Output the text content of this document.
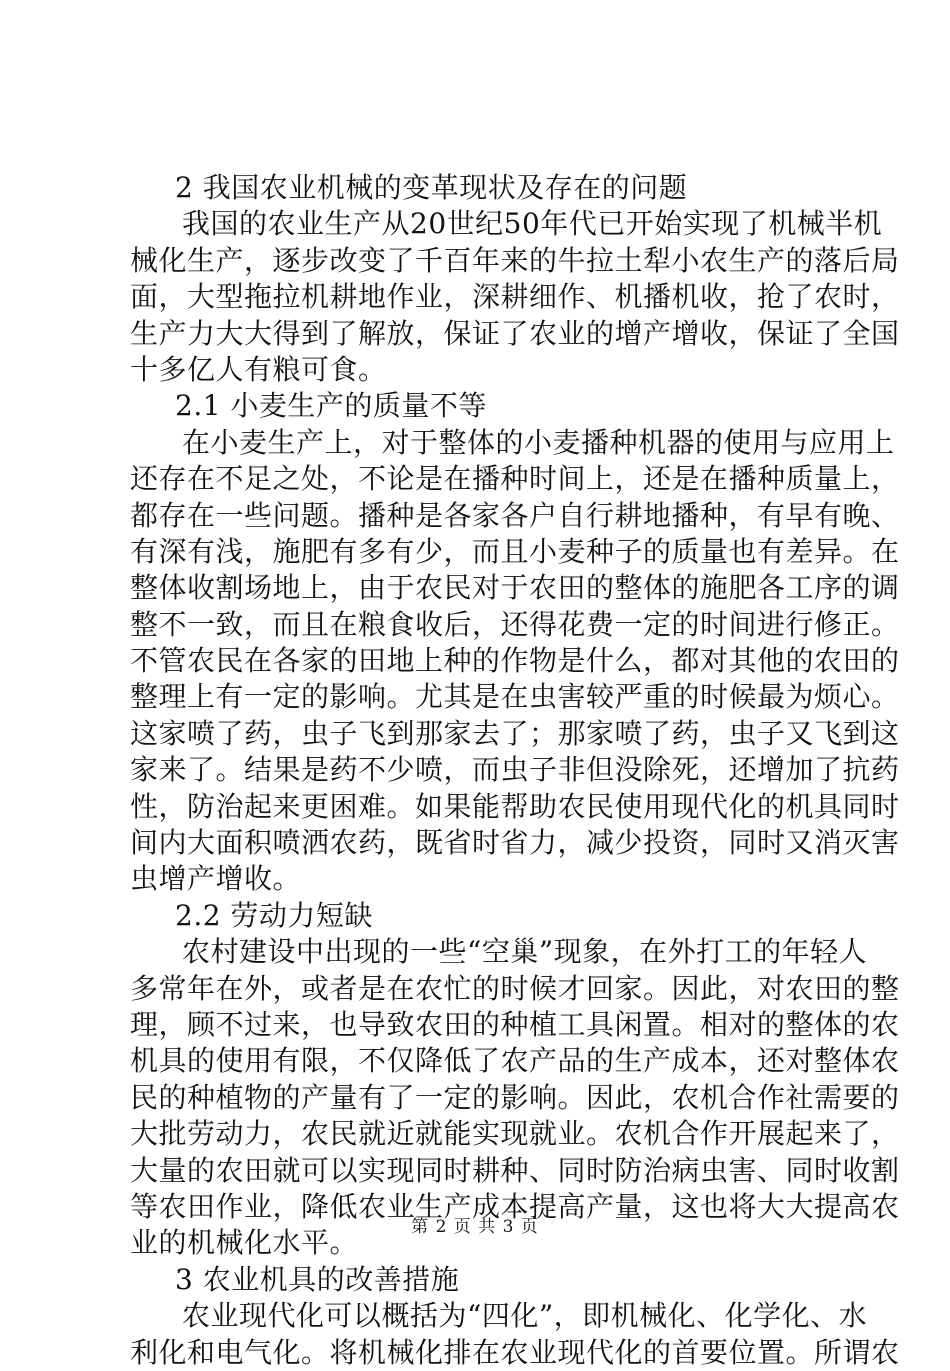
2 我国农业机械的变革现状及存在的问题
我国的农业生产从20世纪50年代已开始实现了机械半机
械化生产，逐步改变了千百年来的牛拉土犁小农生产的落后局
面，大型拖拉机耕地作业，深耕细作、机播机收，抢了农时，
生产力大大得到了解放，保证了农业的增产增收，保证了全国
十多亿人有粮可食。
2.1 小麦生产的质量不等
在小麦生产上，对于整体的小麦播种机器的使用与应用上
还存在不足之处，不论是在播种时间上，还是在播种质量上，
都存在一些问题。播种是各家各户自行耕地播种，有早有晚、
有深有浅，施肥有多有少，而且小麦种子的质量也有差异。在
整体收割场地上，由于农民对于农田的整体的施肥各工序的调
整不一致，而且在粮食收后，还得花费一定的时间进行修正。
不管农民在各家的田地上种的作物是什么，都对其他的农田的
整理上有一定的影响。尤其是在虫害较严重的时候最为烦心。
这家喷了药，虫子飞到那家去了；那家喷了药，虫子又飞到这
家来了。结果是药不少喷，而虫子非但没除死，还增加了抗药
性，防治起来更困难。如果能帮助农民使用现代化的机具同时
间内大面积喷洒农药，既省时省力，减少投资，同时又消灭害
虫增产增收。
2.2 劳动力短缺
农村建设中出现的一些“空巢”现象，在外打工的年轻人
多常年在外，或者是在农忙的时候才回家。因此，对农田的整
理，顾不过来，也导致农田的种植工具闲置。相对的整体的农
机具的使用有限，不仅降低了农产品的生产成本，还对整体农
民的种植物的产量有了一定的影响。因此，农机合作社需要的
大批劳动力，农民就近就能实现就业。农机合作开展起来了，
大量的农田就可以实现同时耕种、同时防治病虫害、同时收割
等农田作业，降低农业生产成本提高产量，这也将大大提高农
业的机械化水平。
3 农业机具的改善措施
农业现代化可以概括为“四化”，即机械化、化学化、水
利化和电气化。将机械化排在农业现代化的首要位置。所谓农
第 2 页 共 3 页
